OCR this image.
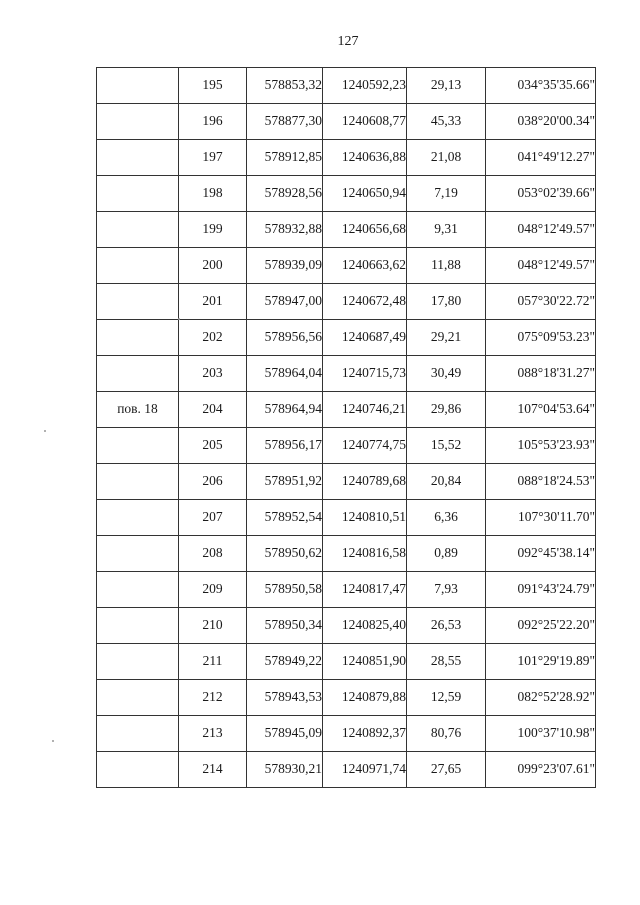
127
	195	578853,32	1240592,23	29,13	034°35'35.66"
	196	578877,30	1240608,77	45,33	038°20'00.34"
	197	578912,85	1240636,88	21,08	041°49'12.27"
	198	578928,56	1240650,94	7,19	053°02'39.66"
	199	578932,88	1240656,68	9,31	048°12'49.57"
	200	578939,09	1240663,62	11,88	048°12'49.57"
	201	578947,00	1240672,48	17,80	057°30'22.72"
	202	578956,56	1240687,49	29,21	075°09'53.23"
	203	578964,04	1240715,73	30,49	088°18'31.27"
пов. 18	204	578964,94	1240746,21	29,86	107°04'53.64"
	205	578956,17	1240774,75	15,52	105°53'23.93"
	206	578951,92	1240789,68	20,84	088°18'24.53"
	207	578952,54	1240810,51	6,36	107°30'11.70"
	208	578950,62	1240816,58	0,89	092°45'38.14"
	209	578950,58	1240817,47	7,93	091°43'24.79"
	210	578950,34	1240825,40	26,53	092°25'22.20"
	211	578949,22	1240851,90	28,55	101°29'19.89"
	212	578943,53	1240879,88	12,59	082°52'28.92"
	213	578945,09	1240892,37	80,76	100°37'10.98"
	214	578930,21	1240971,74	27,65	099°23'07.61"
